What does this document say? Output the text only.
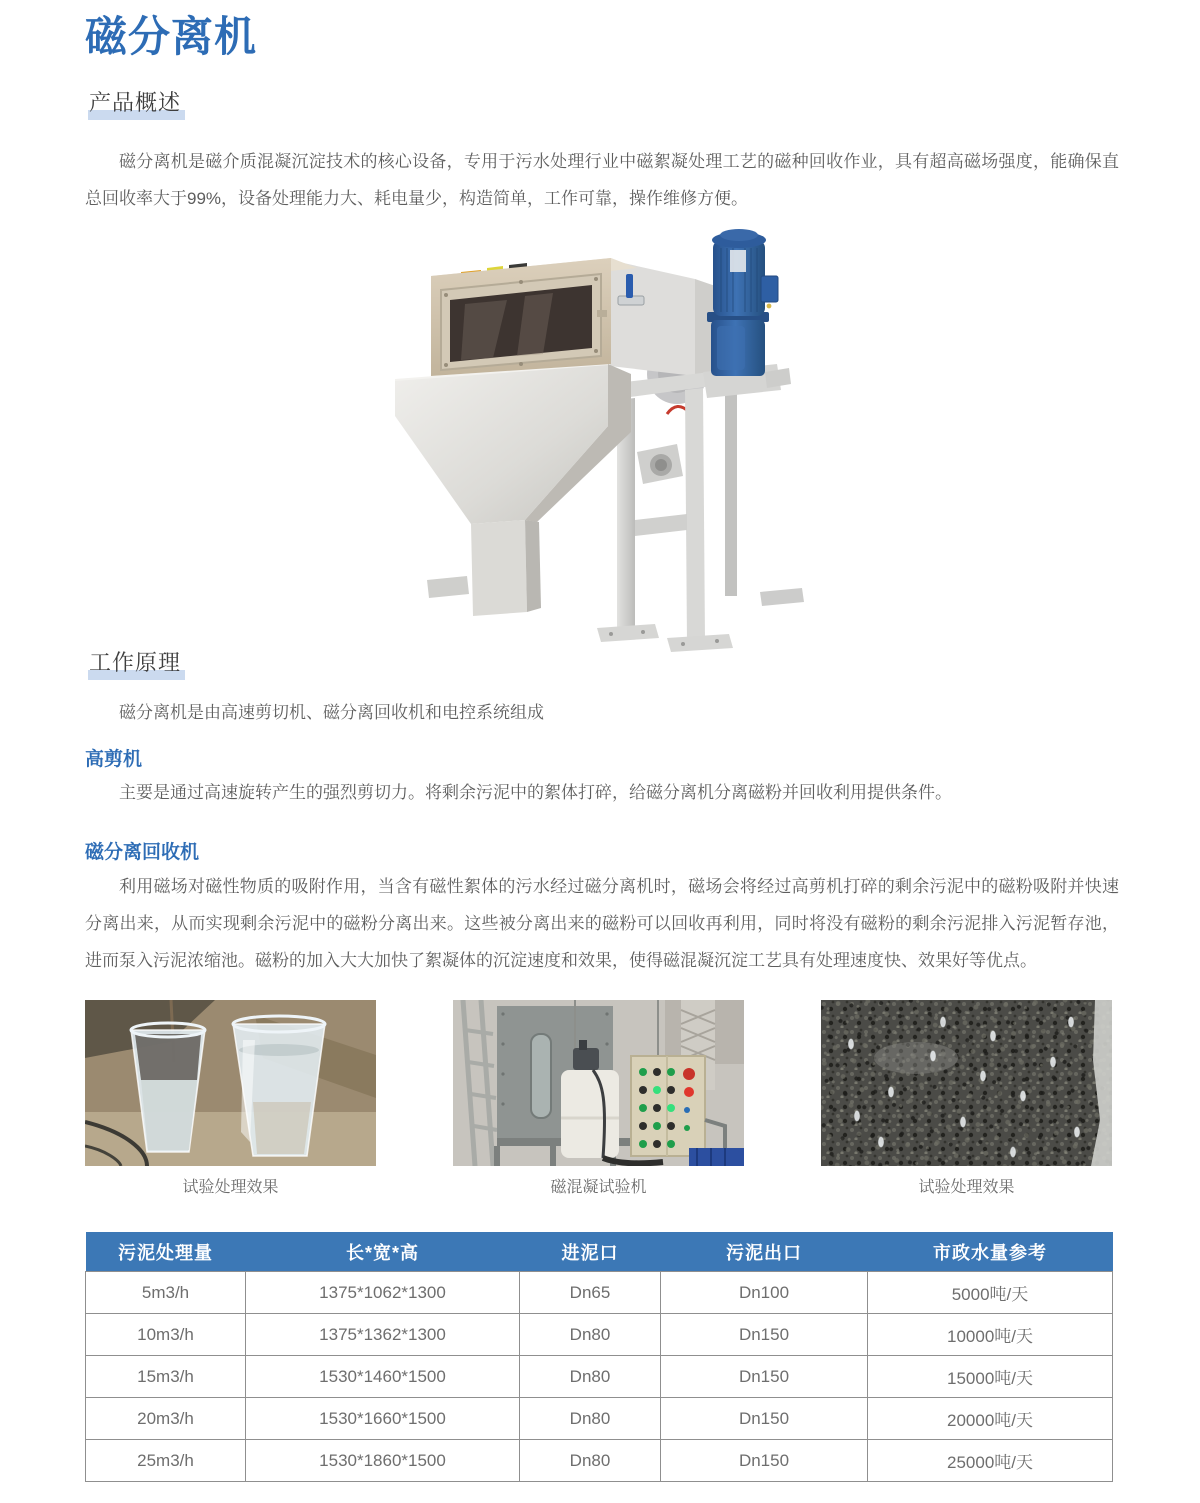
磁分离机
产品概述

磁分离机是磁介质混凝沉淀技术的核心设备，专用于污水处理行业中磁絮凝处理工艺的磁种回收作业，具有超高磁场强度，能确保直总回收率大于99%，设备处理能力大、耗电量少，构造简单，工作可靠，操作维修方便。

工作原理

磁分离机是由高速剪切机、磁分离回收机和电控系统组成

高剪机

主要是通过高速旋转产生的强烈剪切力。将剩余污泥中的絮体打碎，给磁分离机分离磁粉并回收利用提供条件。

磁分离回收机

利用磁场对磁性物质的吸附作用，当含有磁性絮体的污水经过磁分离机时，磁场会将经过高剪机打碎的剩余污泥中的磁粉吸附并快速分离出来，从而实现剩余污泥中的磁粉分离出来。这些被分离出来的磁粉可以回收再利用，同时将没有磁粉的剩余污泥排入污泥暂存池，进而泵入污泥浓缩池。磁粉的加入大大加快了絮凝体的沉淀速度和效果，使得磁混凝沉淀工艺具有处理速度快、效果好等优点。

试验处理效果	磁混凝试验机	试验处理效果
污泥处理量	长*宽*高	进泥口	污泥出口	市政水量参考
5m3/h	1375*1062*1300	Dn65	Dn100	5000吨/天
10m3/h	1375*1362*1300	Dn80	Dn150	10000吨/天
15m3/h	1530*1460*1500	Dn80	Dn150	15000吨/天
20m3/h	1530*1660*1500	Dn80	Dn150	20000吨/天
25m3/h	1530*1860*1500	Dn80	Dn150	25000吨/天
